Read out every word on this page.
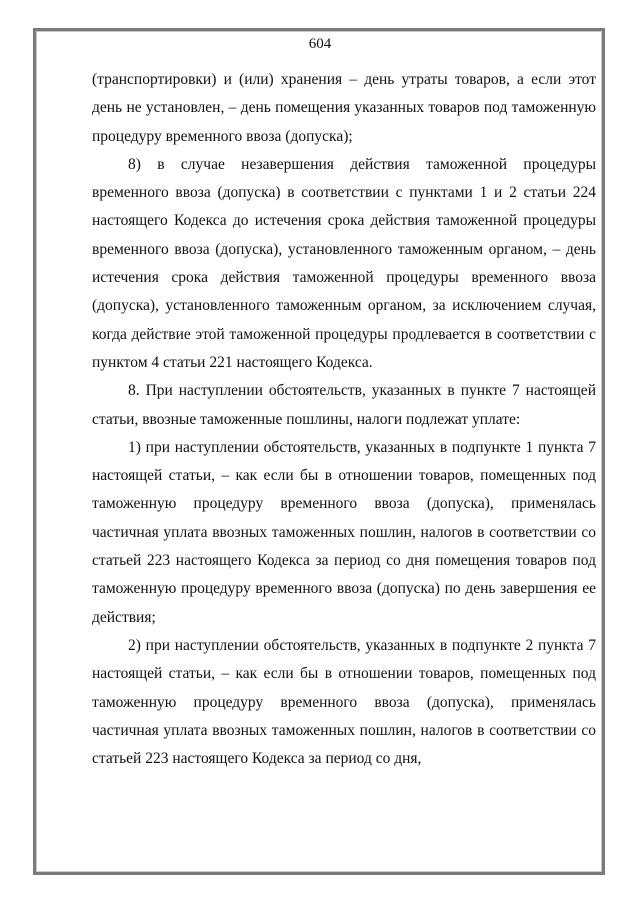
604

(транспортировки) и (или) хранения – день утраты товаров, а если этот день не установлен, – день помещения указанных товаров под таможенную процедуру временного ввоза (допуска);

8) в случае незавершения действия таможенной процедуры временного ввоза (допуска) в соответствии с пунктами 1 и 2 статьи 224 настоящего Кодекса до истечения срока действия таможенной процедуры временного ввоза (допуска), установленного таможенным органом, – день истечения срока действия таможенной процедуры временного ввоза (допуска), установленного таможенным органом, за исключением случая, когда действие этой таможенной процедуры продлевается в соответствии с пунктом 4 статьи 221 настоящего Кодекса.

8. При наступлении обстоятельств, указанных в пункте 7 настоящей статьи, ввозные таможенные пошлины, налоги подлежат уплате:

1) при наступлении обстоятельств, указанных в подпункте 1 пункта 7 настоящей статьи, – как если бы в отношении товаров, помещенных под таможенную процедуру временного ввоза (допуска), применялась частичная уплата ввозных таможенных пошлин, налогов в соответствии со статьей 223 настоящего Кодекса за период со дня помещения товаров под таможенную процедуру временного ввоза (допуска) по день завершения ее действия;

2) при наступлении обстоятельств, указанных в подпункте 2 пункта 7 настоящей статьи, – как если бы в отношении товаров, помещенных под таможенную процедуру временного ввоза (допуска), применялась частичная уплата ввозных таможенных пошлин, налогов в соответствии со статьей 223 настоящего Кодекса за период со дня,
